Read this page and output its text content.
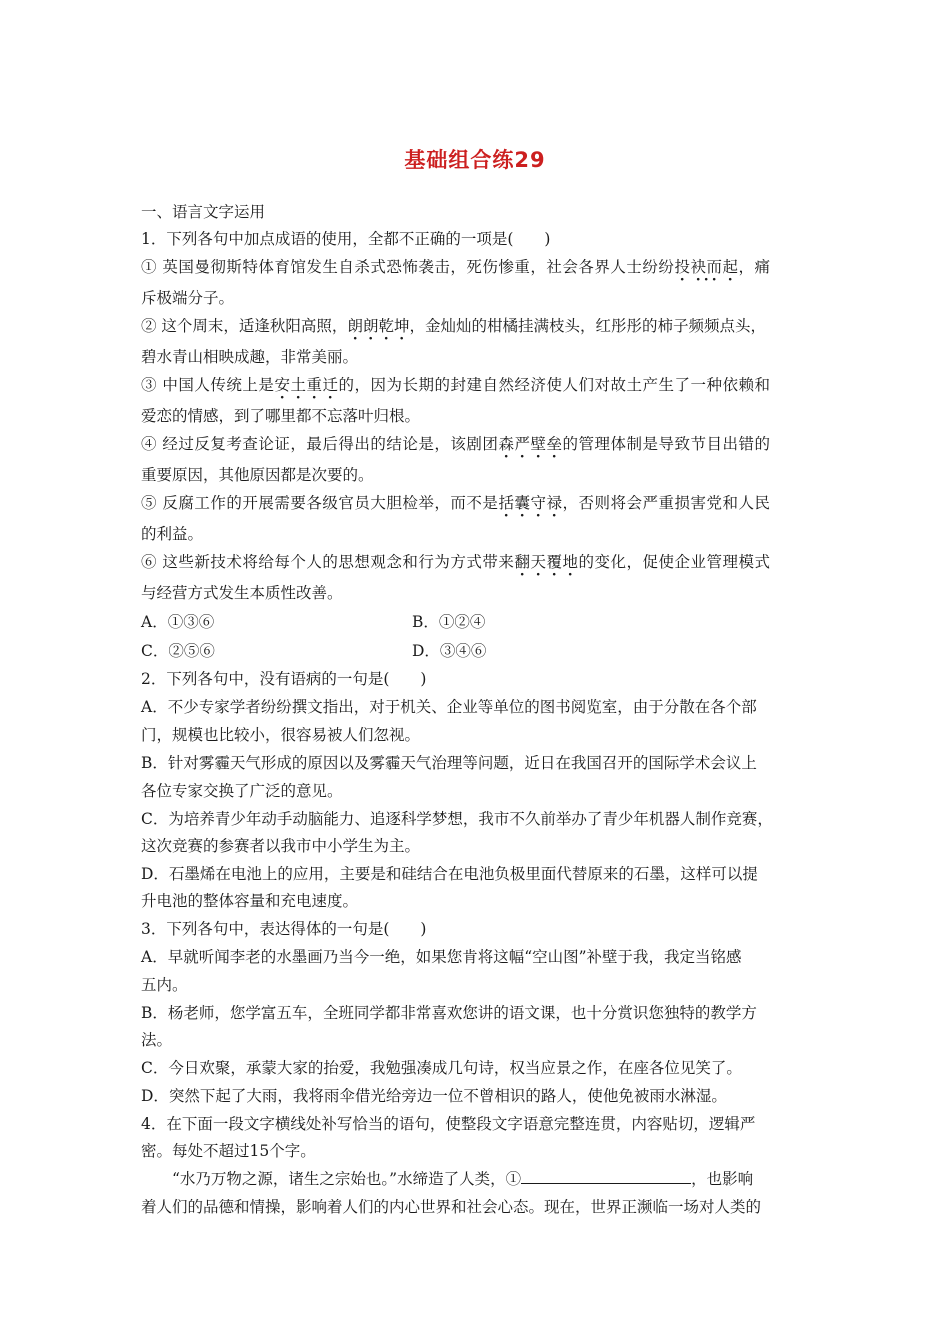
基础组合练29
一、语言文字运用
1．下列各句中加点成语的使用，全都不正确的一项是(　　)
① 英国曼彻斯特体育馆发生自杀式恐怖袭击，死伤惨重，社会各界人士纷纷投袂而起，痛
斥极端分子。
② 这个周末，适逢秋阳高照，朗朗乾坤，金灿灿的柑橘挂满枝头，红彤彤的柿子频频点头，
碧水青山相映成趣，非常美丽。
③ 中国人传统上是安土重迁的，因为长期的封建自然经济使人们对故土产生了一种依赖和
爱恋的情感，到了哪里都不忘落叶归根。
④ 经过反复考查论证，最后得出的结论是，该剧团森严壁垒的管理体制是导致节目出错的
重要原因，其他原因都是次要的。
⑤ 反腐工作的开展需要各级官员大胆检举，而不是括囊守禄，否则将会严重损害党和人民
的利益。
⑥ 这些新技术将给每个人的思想观念和行为方式带来翻天覆地的变化，促使企业管理模式
与经营方式发生本质性改善。
A．①③⑥	B．①②④
C．②⑤⑥	D．③④⑥
2．下列各句中，没有语病的一句是(　　)
A．不少专家学者纷纷撰文指出，对于机关、企业等单位的图书阅览室，由于分散在各个部
门，规模也比较小，很容易被人们忽视。
B．针对雾霾天气形成的原因以及雾霾天气治理等问题，近日在我国召开的国际学术会议上
各位专家交换了广泛的意见。
C．为培养青少年动手动脑能力、追逐科学梦想，我市不久前举办了青少年机器人制作竞赛，
这次竞赛的参赛者以我市中小学生为主。
D．石墨烯在电池上的应用，主要是和硅结合在电池负极里面代替原来的石墨，这样可以提
升电池的整体容量和充电速度。
3．下列各句中，表达得体的一句是(　　)
A．早就听闻李老的水墨画乃当今一绝，如果您肯将这幅“空山图”补壁于我，我定当铭感
五内。
B．杨老师，您学富五车，全班同学都非常喜欢您讲的语文课，也十分赏识您独特的教学方
法。
C．今日欢聚，承蒙大家的抬爱，我勉强凑成几句诗，权当应景之作，在座各位见笑了。
D．突然下起了大雨，我将雨伞借光给旁边一位不曾相识的路人，使他免被雨水淋湿。
4．在下面一段文字横线处补写恰当的语句，使整段文字语意完整连贯，内容贴切，逻辑严
密。每处不超过15个字。
“水乃万物之源，诸生之宗始也。”水缔造了人类，①	，也影响
着人们的品德和情操，影响着人们的内心世界和社会心态。现在，世界正濒临一场对人类的
